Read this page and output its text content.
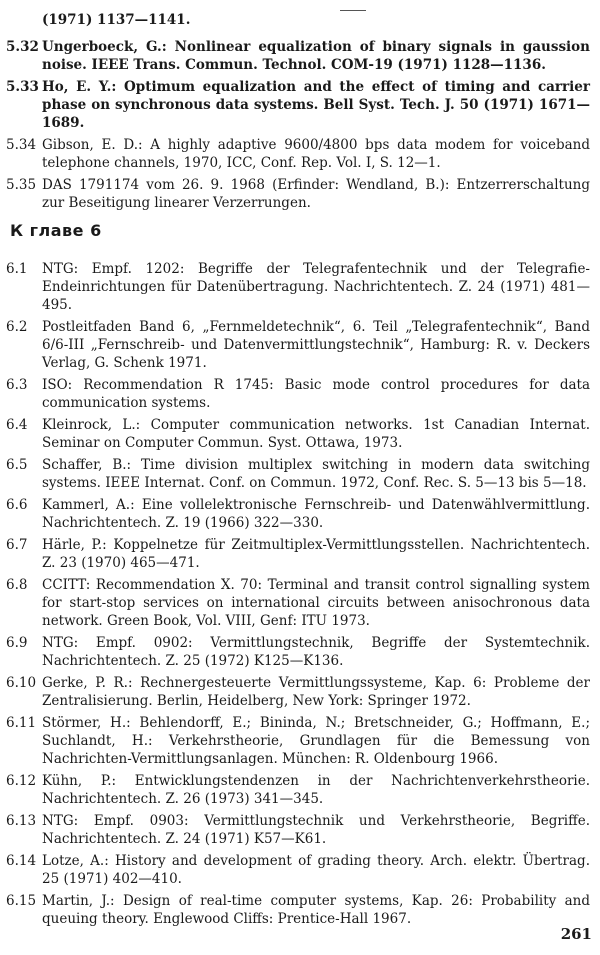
(1971) 1137—1141.
5.32 Ungerboeck, G.: Nonlinear equalization of binary signals in gaussion noise. IEEE Trans. Commun. Technol. COM-19 (1971) 1128—1136.
5.33 Ho, E. Y.: Optimum equalization and the effect of timing and carrier phase on synchronous data systems. Bell Syst. Tech. J. 50 (1971) 1671—1689.
5.34 Gibson, E. D.: A highly adaptive 9600/4800 bps data modem for voiceband telephone channels, 1970, ICC, Conf. Rep. Vol. I, S. 12—1.
5.35 DAS 1791174 vom 26. 9. 1968 (Erfinder: Wendland, B.): Entzerrerschaltung zur Beseitigung linearer Verzerrungen.
К главе 6
6.1	NTG: Empf. 1202: Begriffe der Telegrafentechnik und der Telegrafie-Endeinrichtungen für Datenübertragung. Nachrichtentech. Z. 24 (1971) 481—495.
6.2	Postleitfaden Band 6, „Fernmeldetechnik“, 6. Teil „Telegrafentechnik“, Band 6/6-III „Fernschreib- und Datenvermittlungstechnik“, Hamburg: R. v. Deckers Verlag, G. Schenk 1971.
6.3	ISO: Recommendation R 1745: Basic mode control procedures for data communication systems.
6.4	Kleinrock, L.: Computer communication networks. 1st Canadian Internat. Seminar on Computer Commun. Syst. Ottawa, 1973.
6.5	Schaffer, B.: Time division multiplex switching in modern data switching systems. IEEE Internat. Conf. on Commun. 1972, Conf. Rec. S. 5—13 bis 5—18.
6.6	Kammerl, A.: Eine vollelektronische Fernschreib- und Datenwählvermittlung. Nachrichtentech. Z. 19 (1966) 322—330.
6.7	Härle, P.: Koppelnetze für Zeitmultiplex-Vermittlungsstellen. Nachrichtentech. Z. 23 (1970) 465—471.
6.8	CCITT: Recommendation X. 70: Terminal and transit control signalling system for start-stop services on international circuits between anisochronous data network. Green Book, Vol. VIII, Genf: ITU 1973.
6.9	NTG: Empf. 0902: Vermittlungstechnik, Begriffe der Systemtechnik. Nachrichtentech. Z. 25 (1972) K125—K136.
6.10 Gerke, P. R.: Rechnergesteuerte Vermittlungssysteme, Kap. 6: Probleme der Zentralisierung. Berlin, Heidelberg, New York: Springer 1972.
6.11 Störmer, H.: Behlendorff, E.; Bininda, N.; Bretschneider, G.; Hoffmann, E.; Suchlandt, H.: Verkehrstheorie, Grundlagen für die Bemessung von Nachrichten-Vermittlungsanlagen. München: R. Oldenbourg 1966.
6.12 Kühn, P.: Entwicklungstendenzen in der Nachrichtenverkehrstheorie. Nachrichtentech. Z. 26 (1973) 341—345.
6.13 NTG: Empf. 0903: Vermittlungstechnik und Verkehrstheorie, Begriffe. Nachrichtentech. Z. 24 (1971) K57—K61.
6.14 Lotze, A.: History and development of grading theory. Arch. elektr. Übertrag. 25 (1971) 402—410.
6.15 Martin, J.: Design of real-time computer systems, Kap. 26: Probability and queuing theory. Englewood Cliffs: Prentice-Hall 1967.
261
